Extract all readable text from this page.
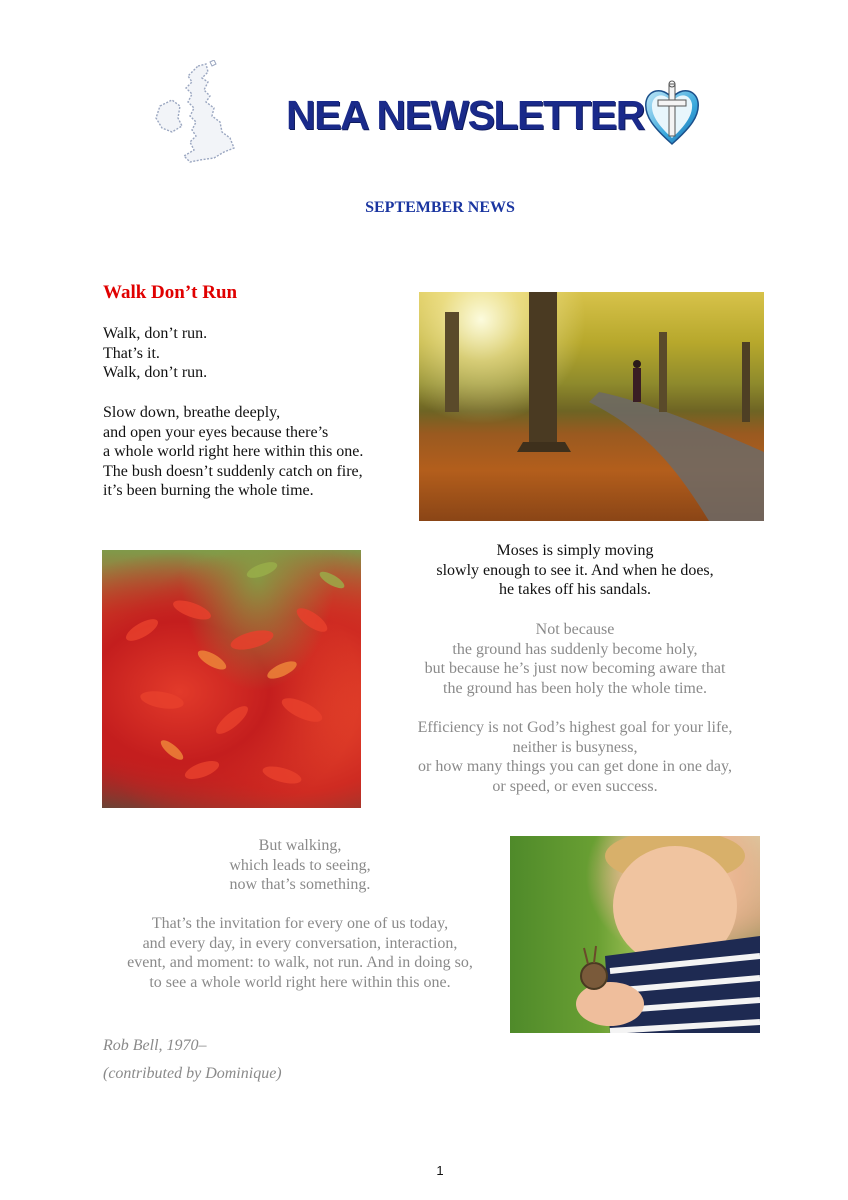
NEA NEWSLETTER
SEPTEMBER NEWS
Walk Don’t Run
Walk, don’t run.
That’s it.
Walk, don’t run.
Slow down, breathe deeply,
and open your eyes because there’s
a whole world right here within this one.
The bush doesn’t suddenly catch on fire,
it’s been burning the whole time.
Moses is simply moving
slowly enough to see it. And when he does,
he takes off his sandals.
Not because
the ground has suddenly become holy,
but because he’s just now becoming aware that
the ground has been holy the whole time.
Efficiency is not God’s highest goal for your life,
neither is busyness,
or how many things you can get done in one day,
or speed, or even success.
But walking,
which leads to seeing,
now that’s something.
That’s the invitation for every one of us today,
and every day, in every conversation, interaction,
event, and moment: to walk, not run. And in doing so,
to see a whole world right here within this one.
Rob Bell, 1970–
(contributed by Dominique)
1
